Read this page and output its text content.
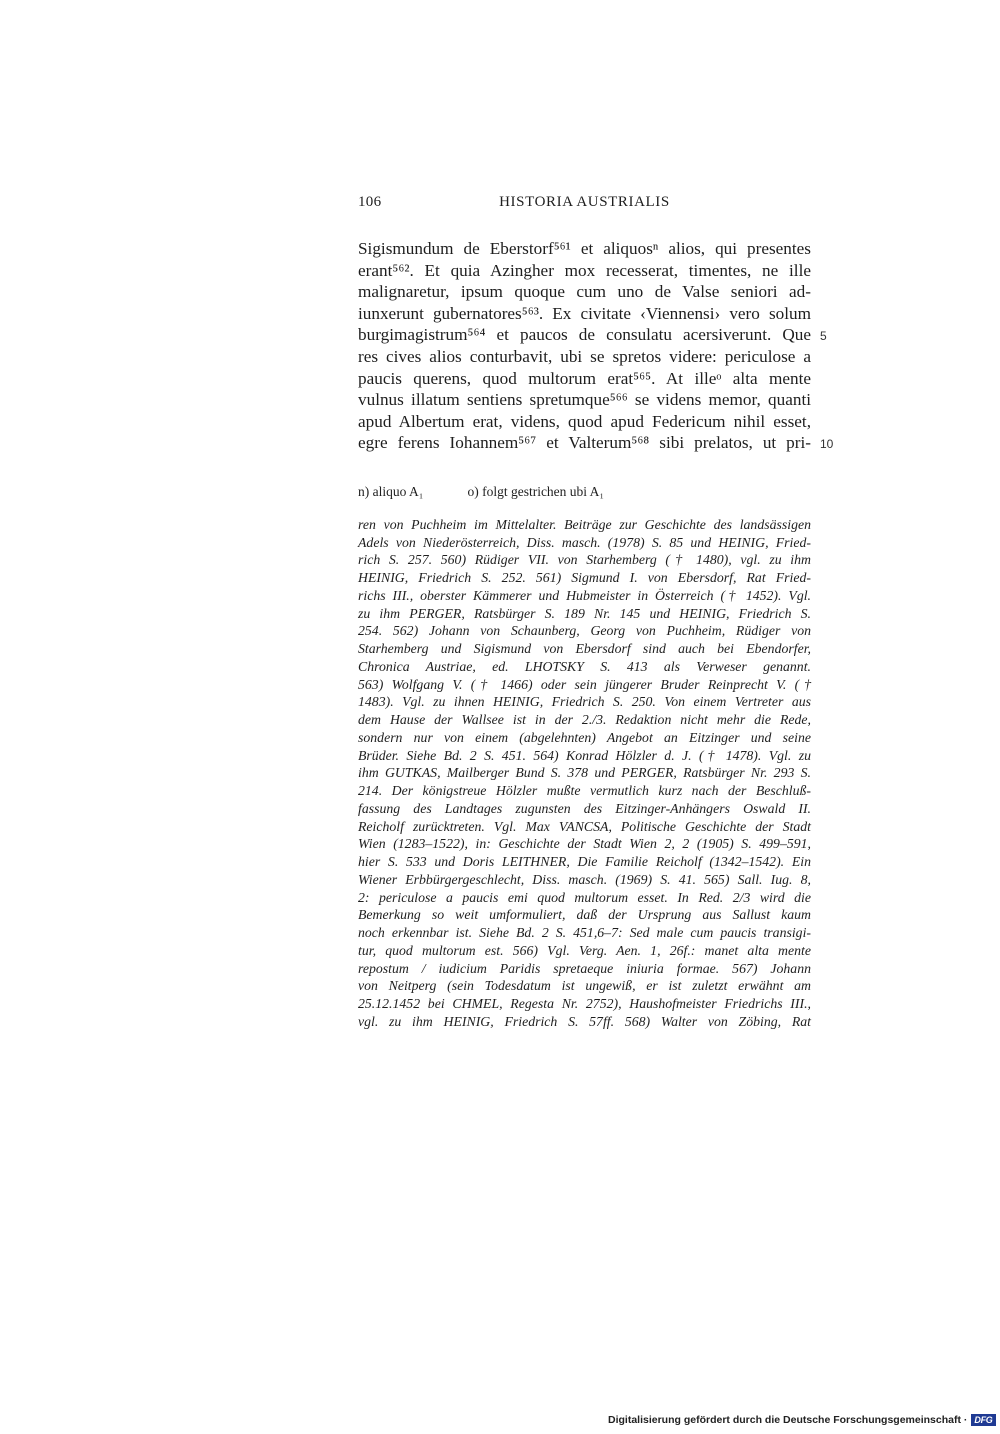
106	HISTORIA AUSTRIALIS
Sigismundum de Eberstorf⁵⁶¹ et aliquosⁿ alios, qui presentes
erant⁵⁶². Et quia Azingher mox recesserat, timentes, ne ille
malignaretur, ipsum quoque cum uno de Valse seniori ad-
iunxerunt gubernatores⁵⁶³. Ex civitate ‹Viennensi› vero solum
burgimagistrum⁵⁶⁴ et paucos de consulatu acersiverunt. Que
res cives alios conturbavit, ubi se spretos videre: periculose a
paucis querens, quod multorum erat⁵⁶⁵. At illeᵒ alta mente
vulnus illatum sentiens spretumque⁵⁶⁶ se videns memor, quanti
apud Albertum erat, videns, quod apud Federicum nihil esset,
egre ferens Iohannem⁵⁶⁷ et Valterum⁵⁶⁸ sibi prelatos, ut pri-
5
10
n) aliquo A₁	o) folgt gestrichen ubi A₁
ren von Puchheim im Mittelalter. Beiträge zur Geschichte des landsässigen
Adels von Niederösterreich, Diss. masch. (1978) S. 85 und HEINIG, Fried-
rich S. 257. 560) Rüdiger VII. von Starhemberg († 1480), vgl. zu ihm
HEINIG, Friedrich S. 252. 561) Sigmund I. von Ebersdorf, Rat Fried-
richs III., oberster Kämmerer und Hubmeister in Österreich († 1452). Vgl.
zu ihm PERGER, Ratsbürger S. 189 Nr. 145 und HEINIG, Friedrich S.
254. 562) Johann von Schaunberg, Georg von Puchheim, Rüdiger von
Starhemberg und Sigismund von Ebersdorf sind auch bei Ebendorfer,
Chronica Austriae, ed. LHOTSKY S. 413 als Verweser genannt.
563) Wolfgang V. († 1466) oder sein jüngerer Bruder Reinprecht V. (†
1483). Vgl. zu ihnen HEINIG, Friedrich S. 250. Von einem Vertreter aus
dem Hause der Wallsee ist in der 2./3. Redaktion nicht mehr die Rede,
sondern nur von einem (abgelehnten) Angebot an Eitzinger und seine
Brüder. Siehe Bd. 2 S. 451. 564) Konrad Hölzler d. J. († 1478). Vgl. zu
ihm GUTKAS, Mailberger Bund S. 378 und PERGER, Ratsbürger Nr. 293 S.
214. Der königstreue Hölzler mußte vermutlich kurz nach der Beschluß-
fassung des Landtages zugunsten des Eitzinger-Anhängers Oswald II.
Reicholf zurücktreten. Vgl. Max VANCSA, Politische Geschichte der Stadt
Wien (1283–1522), in: Geschichte der Stadt Wien 2, 2 (1905) S. 499–591,
hier S. 533 und Doris LEITHNER, Die Familie Reicholf (1342–1542). Ein
Wiener Erbbürgergeschlecht, Diss. masch. (1969) S. 41. 565) Sall. Iug. 8,
2: periculose a paucis emi quod multorum esset. In Red. 2/3 wird die
Bemerkung so weit umformuliert, daß der Ursprung aus Sallust kaum
noch erkennbar ist. Siehe Bd. 2 S. 451,6–7: Sed male cum paucis transigi-
tur, quod multorum est. 566) Vgl. Verg. Aen. 1, 26f.: manet alta mente
repostum / iudicium Paridis spretaeque iniuria formae. 567) Johann
von Neitperg (sein Todesdatum ist ungewiß, er ist zuletzt erwähnt am
25.12.1452 bei CHMEL, Regesta Nr. 2752), Haushofmeister Friedrichs III.,
vgl. zu ihm HEINIG, Friedrich S. 57ff. 568) Walter von Zöbing, Rat
Digitalisierung gefördert durch die Deutsche Forschungsgemeinschaft · DFG
